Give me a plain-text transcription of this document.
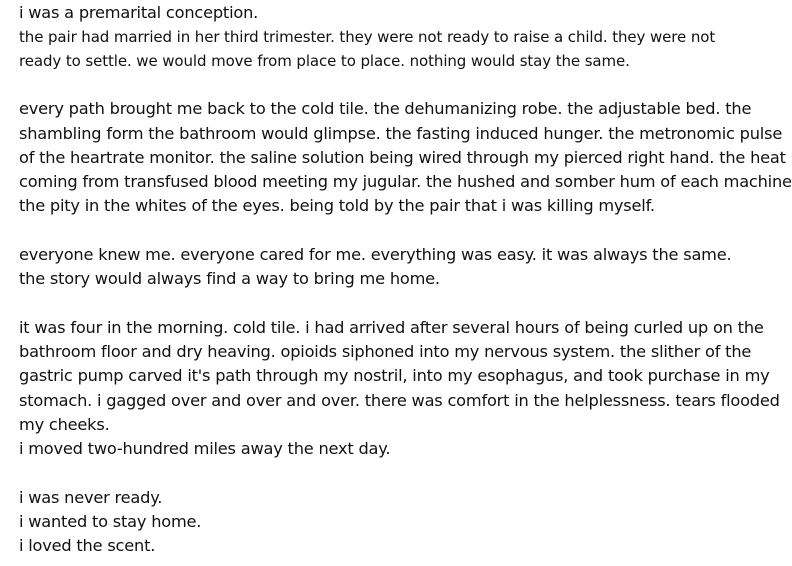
i was a premarital conception.
the pair had married in her third trimester. they were not ready to raise a child. they were not
ready to settle. we would move from place to place. nothing would stay the same.
every path brought me back to the cold tile. the dehumanizing robe. the adjustable bed. the
shambling form the bathroom would glimpse. the fasting induced hunger. the metronomic pulse
of the heartrate monitor. the saline solution being wired through my pierced right hand. the heat
coming from transfused blood meeting my jugular. the hushed and somber hum of each machine
the pity in the whites of the eyes. being told by the pair that i was killing myself.
everyone knew me. everyone cared for me. everything was easy. it was always the same.
the story would always find a way to bring me home.
it was four in the morning. cold tile. i had arrived after several hours of being curled up on the
bathroom floor and dry heaving. opioids siphoned into my nervous system. the slither of the
gastric pump carved it's path through my nostril, into my esophagus, and took purchase in my
stomach. i gagged over and over and over. there was comfort in the helplessness. tears flooded
my cheeks.
i moved two-hundred miles away the next day.
i was never ready.
i wanted to stay home.
i loved the scent.
